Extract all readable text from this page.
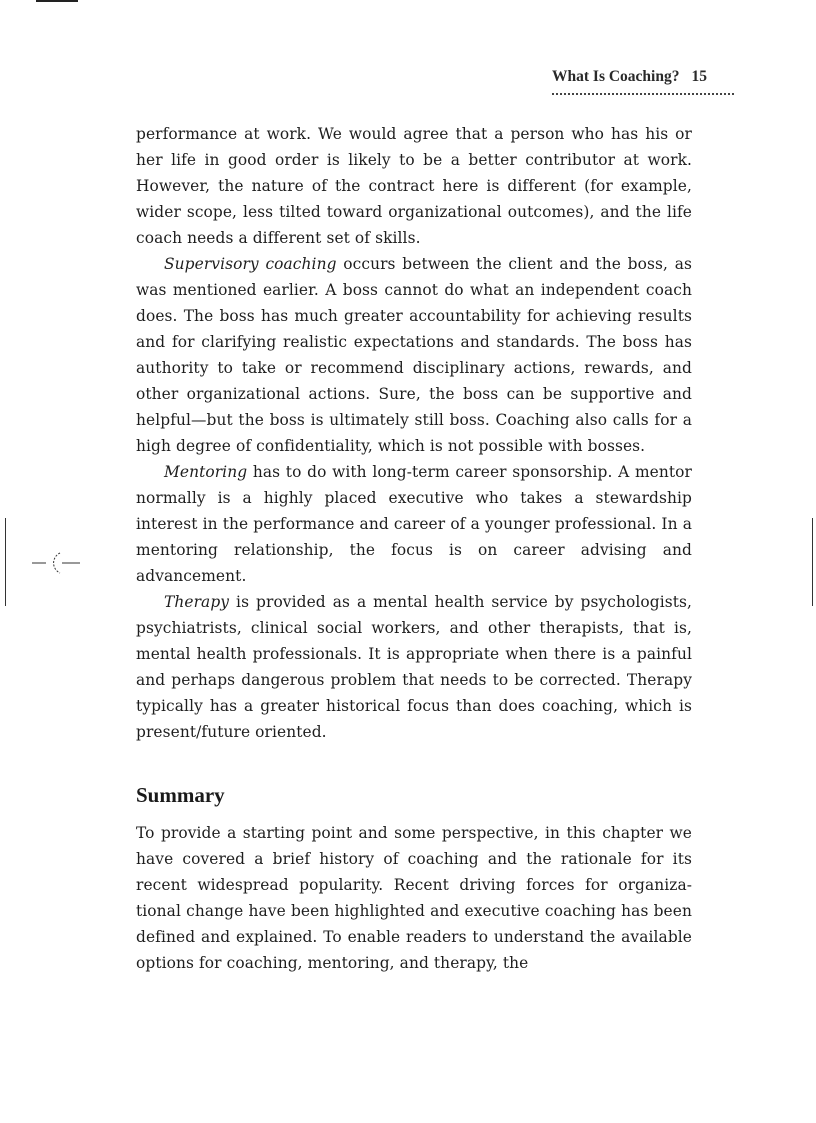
What Is Coaching? 15

performance at work. We would agree that a person who has his or her life in good order is likely to be a better contributor at work. However, the nature of the contract here is different (for example, wider scope, less tilted toward organizational outcomes), and the life coach needs a different set of skills.

Supervisory coaching occurs between the client and the boss, as was mentioned earlier. A boss cannot do what an independent coach does. The boss has much greater accountability for achieving results and for clarifying realistic expectations and standards. The boss has authority to take or recommend disciplinary actions, rewards, and other organizational actions. Sure, the boss can be supportive and helpful—but the boss is ultimately still boss. Coaching also calls for a high degree of confidentiality, which is not possible with bosses.

Mentoring has to do with long-term career sponsorship. A mentor normally is a highly placed executive who takes a stewardship interest in the performance and career of a younger professional. In a mentoring relationship, the focus is on career advising and advancement.

Therapy is provided as a mental health service by psychologists, psychiatrists, clinical social workers, and other therapists, that is, mental health professionals. It is appropriate when there is a painful and perhaps dangerous problem that needs to be corrected. Therapy typically has a greater historical focus than does coaching, which is present/future oriented.

Summary

To provide a starting point and some perspective, in this chapter we have covered a brief history of coaching and the rationale for its recent widespread popularity. Recent driving forces for organizational change have been highlighted and executive coaching has been defined and explained. To enable readers to understand the available options for coaching, mentoring, and therapy, the
